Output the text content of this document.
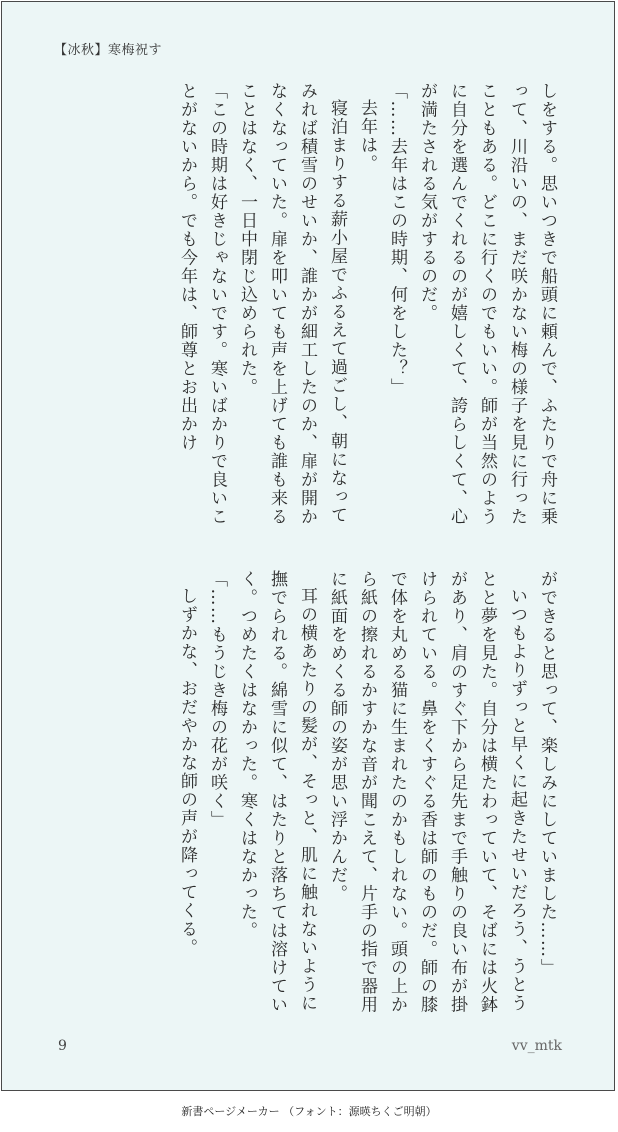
【冰秋】寒梅祝す

しをする。思いつきで船頭に頼んで、ふたりで舟に乗って、川沿いの、まだ咲かない梅の様子を見に行ったこともある。どこに行くのでもいい。師が当然のように自分を選んでくれるのが嬉しくて、誇らしくて、心が満たされる気がするのだ。

「……去年はこの時期、何をした？」

去年は。

寝泊まりする薪小屋でふるえて過ごし、朝になってみれば積雪のせいか、誰かが細工したのか、扉が開かなくなっていた。扉を叩いても声を上げても誰も来ることはなく、一日中閉じ込められた。

「この時期は好きじゃないです。寒いばかりで良いことがないから。でも今年は、師尊とお出かけ

ができると思って、楽しみにしていました……」

いつもよりずっと早くに起きたせいだろう、うとうとと夢を見た。自分は横たわっていて、そばには火鉢があり、肩のすぐ下から足先まで手触りの良い布が掛けられている。鼻をくすぐる香は師のものだ。師の膝で体を丸める猫に生まれたのかもしれない。頭の上から紙の擦れるかすかな音が聞こえて、片手の指で器用に紙面をめくる師の姿が思い浮かんだ。

耳の横あたりの髪が、そっと、肌に触れないように撫でられる。綿雪に似て、はたりと落ちては溶けていく。つめたくはなかった。寒くはなかった。

「……もうじき梅の花が咲く」

しずかな、おだやかな師の声が降ってくる。

9	vv_mtk
新書ページメーカー （フォント：源暎ちくご明朝）
